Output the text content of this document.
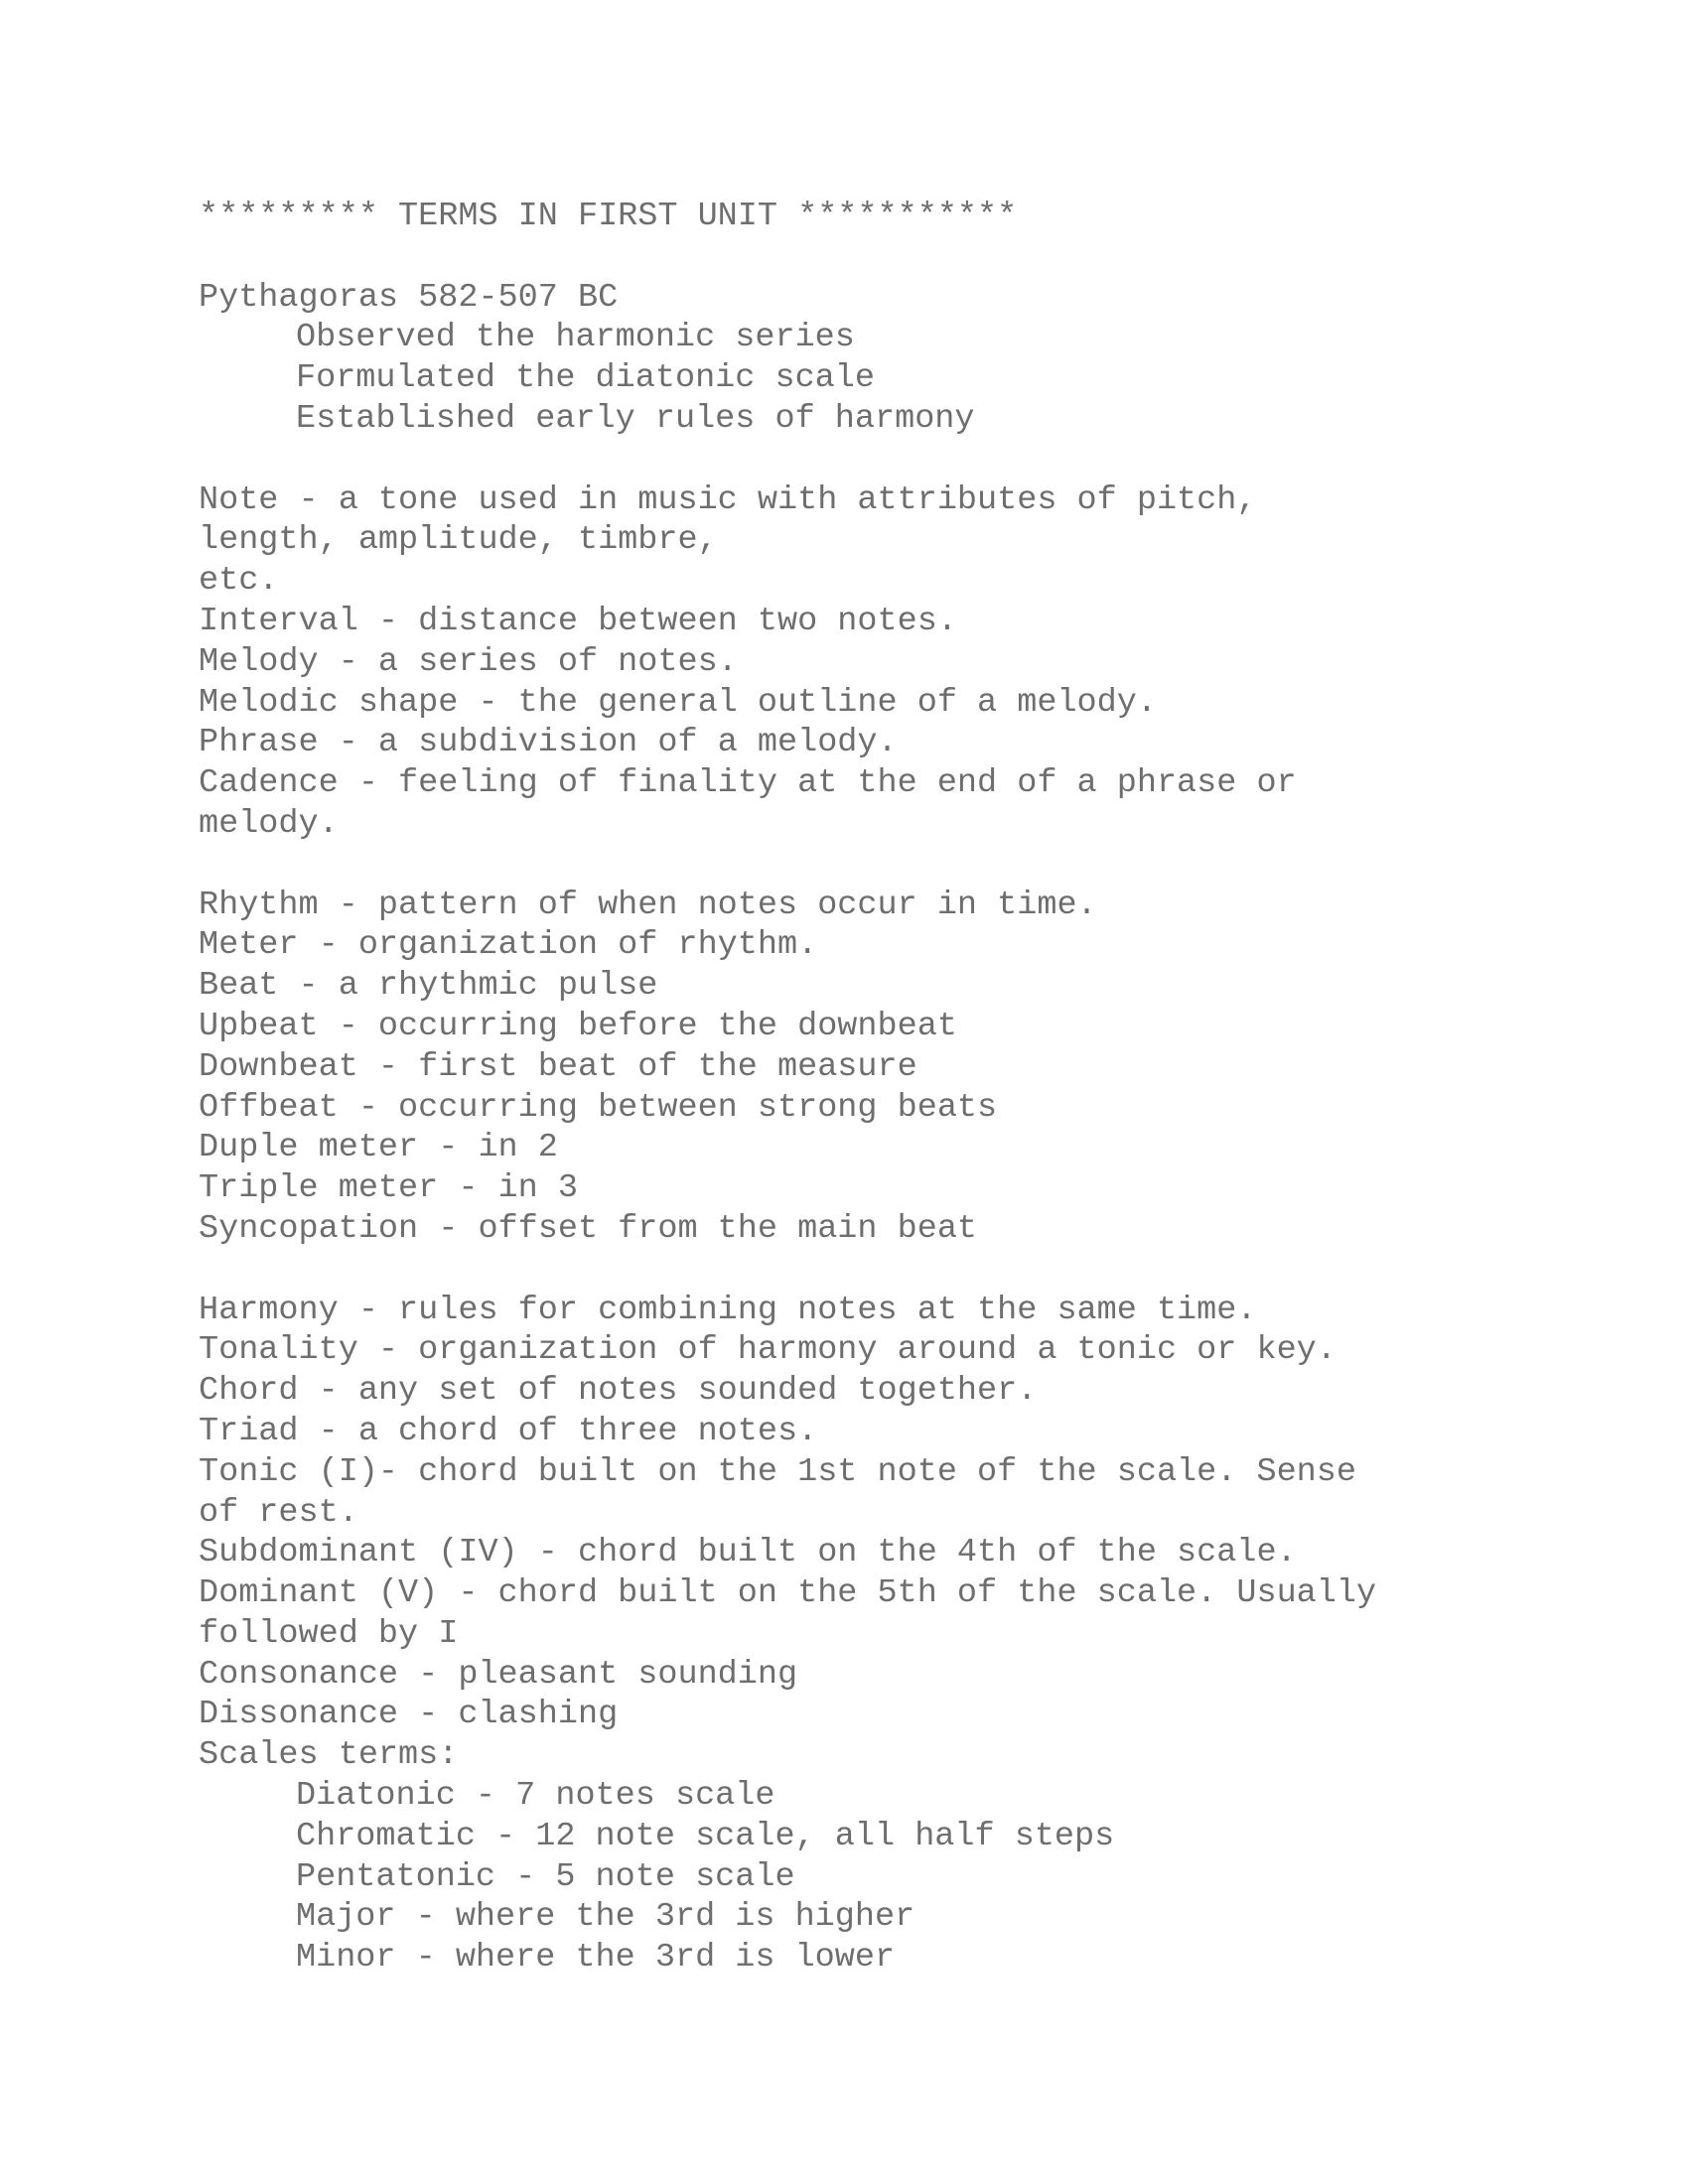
********* TERMS IN FIRST UNIT ***********
Pythagoras 582-507 BC
Observed the harmonic series
Formulated the diatonic scale
Established early rules of harmony
Note - a tone used in music with attributes of pitch,
length, amplitude, timbre,
etc.
Interval - distance between two notes.
Melody - a series of notes.
Melodic shape - the general outline of a melody.
Phrase - a subdivision of a melody.
Cadence - feeling of finality at the end of a phrase or
melody.
Rhythm - pattern of when notes occur in time.
Meter - organization of rhythm.
Beat - a rhythmic pulse
Upbeat - occurring before the downbeat
Downbeat - first beat of the measure
Offbeat - occurring between strong beats
Duple meter - in 2
Triple meter - in 3
Syncopation - offset from the main beat
Harmony - rules for combining notes at the same time.
Tonality - organization of harmony around a tonic or key.
Chord - any set of notes sounded together.
Triad - a chord of three notes.
Tonic (I)- chord built on the 1st note of the scale. Sense
of rest.
Subdominant (IV) - chord built on the 4th of the scale.
Dominant (V) - chord built on the 5th of the scale. Usually
followed by I
Consonance - pleasant sounding
Dissonance - clashing
Scales terms:
Diatonic - 7 notes scale
Chromatic - 12 note scale, all half steps
Pentatonic - 5 note scale
Major - where the 3rd is higher
Minor - where the 3rd is lower
